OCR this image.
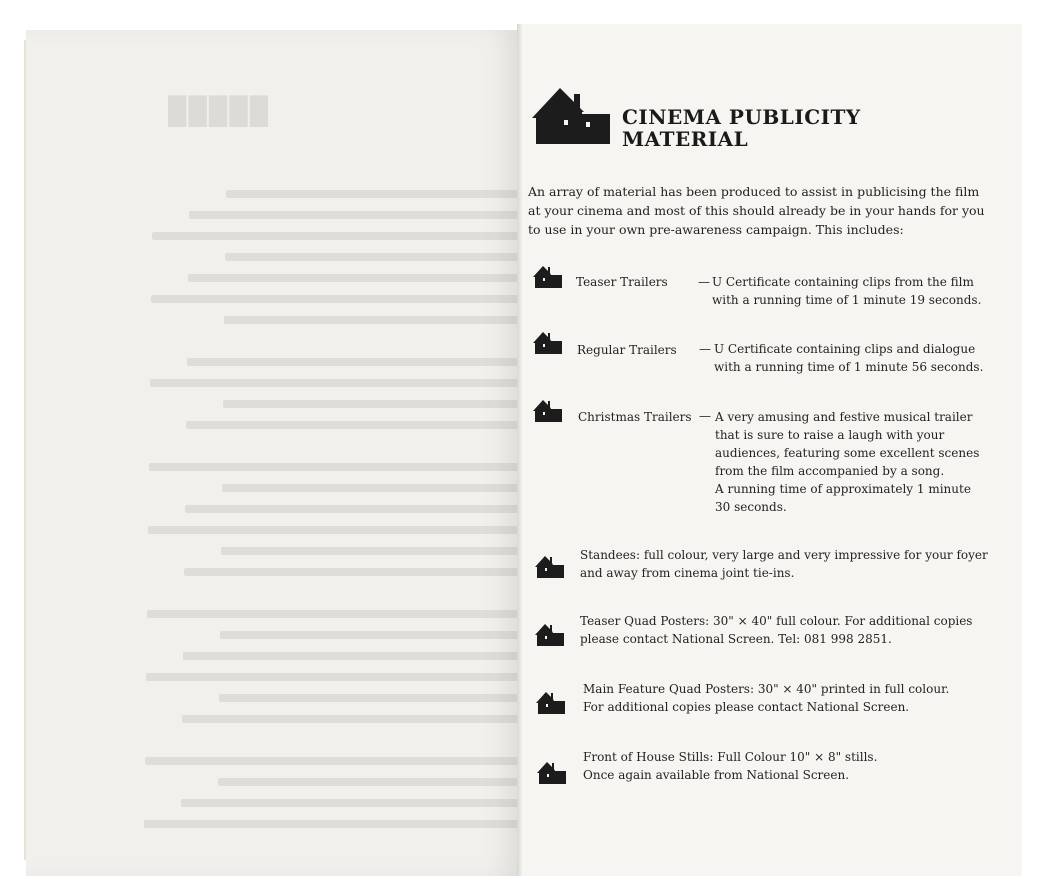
█████	CINEMA PUBLICITY
MATERIAL
An array of material has been produced to assist in publicising the film
at your cinema and most of this should already be in your hands for you
to use in your own pre-awareness campaign. This includes:
Teaser Trailers	— U Certificate containing clips from the film
with a running time of 1 minute 19 seconds.
Regular Trailers — U Certificate containing clips and dialogue
with a running time of 1 minute 56 seconds.
Christmas Trailers — A very amusing and festive musical trailer
that is sure to raise a laugh with your
audiences, featuring some excellent scenes
from the film accompanied by a song.
A running time of approximately 1 minute
30 seconds.
Standees: full colour, very large and very impressive for your foyer
and away from cinema joint tie-ins.
Teaser Quad Posters: 30" × 40" full colour. For additional copies
please contact National Screen. Tel: 081 998 2851.
Main Feature Quad Posters: 30" × 40" printed in full colour.
For additional copies please contact National Screen.
Front of House Stills: Full Colour 10" × 8" stills.
Once again available from National Screen.
